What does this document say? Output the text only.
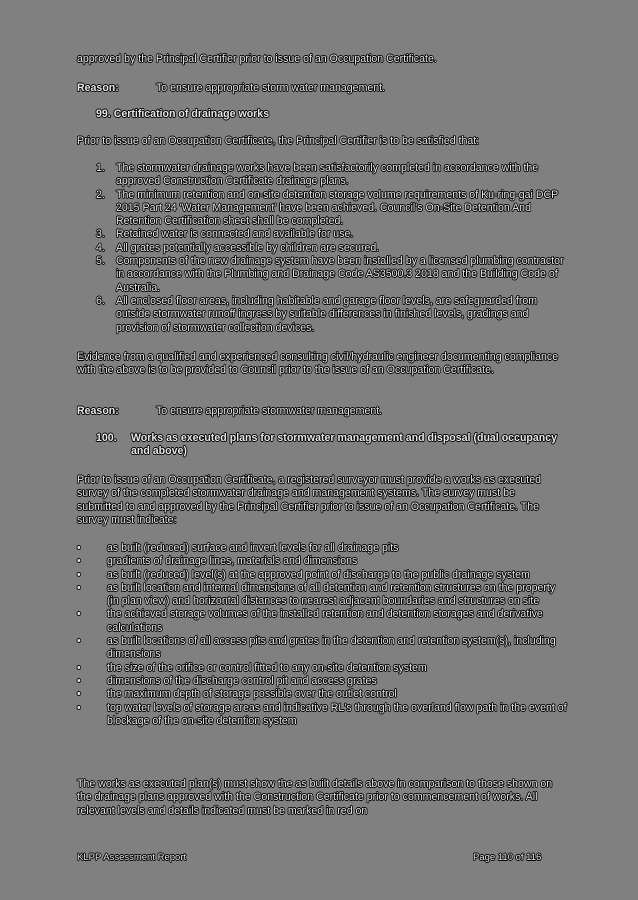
approved by the Principal Certifier prior to issue of an Occupation Certificate.
Reason:	To ensure appropriate storm water management.
99. Certification of drainage works
Prior to issue of an Occupation Certificate, the Principal Certifier is to be satisfied that:
1. The stormwater drainage works have been satisfactorily completed in accordance with the approved Construction Certificate drainage plans.
2. The minimum retention and on-site detention storage volume requirements of Ku-ring-gai DCP 2015 Part 24 'Water Management' have been achieved. Council's On-Site Detention And Retention Certification sheet shall be completed.
3. Retained water is connected and available for use.
4. All grates potentially accessible by children are secured.
5. Components of the new drainage system have been installed by a licensed plumbing contractor in accordance with the Plumbing and Drainage Code AS3500.3 2018 and the Building Code of Australia.
6. All enclosed floor areas, including habitable and garage floor levels, are safeguarded from outside stormwater runoff ingress by suitable differences in finished levels, gradings and provision of stormwater collection devices.
Evidence from a qualified and experienced consulting civil/hydraulic engineer documenting compliance with the above is to be provided to Council prior to the issue of an Occupation Certificate.
Reason:	To ensure appropriate stormwater management.
100. Works as executed plans for stormwater management and disposal (dual occupancy and above)
Prior to issue of an Occupation Certificate, a registered surveyor must provide a works as executed survey of the completed stormwater drainage and management systems. The survey must be submitted to and approved by the Principal Certifier prior to issue of an Occupation Certificate. The survey must indicate:
• as built (reduced) surface and invert levels for all drainage pits
• gradients of drainage lines, materials and dimensions
• as built (reduced) level(s) at the approved point of discharge to the public drainage system
• as built location and internal dimensions of all detention and retention structures on the property (in plan view) and horizontal distances to nearest adjacent boundaries and structures on site
• the achieved storage volumes of the installed retention and detention storages and derivative calculations
• as built locations of all access pits and grates in the detention and retention system(s), including dimensions
• the size of the orifice or control fitted to any on-site detention system
• dimensions of the discharge control pit and access grates
• the maximum depth of storage possible over the outlet control
• top water levels of storage areas and indicative RL's through the overland flow path in the event of blockage of the on-site detention system
The works as executed plan(s) must show the as built details above in comparison to those shown on the drainage plans approved with the Construction Certificate prior to commencement of works. All relevant levels and details indicated must be marked in red on
KLPP Assessment Report	Page 110 of 116
